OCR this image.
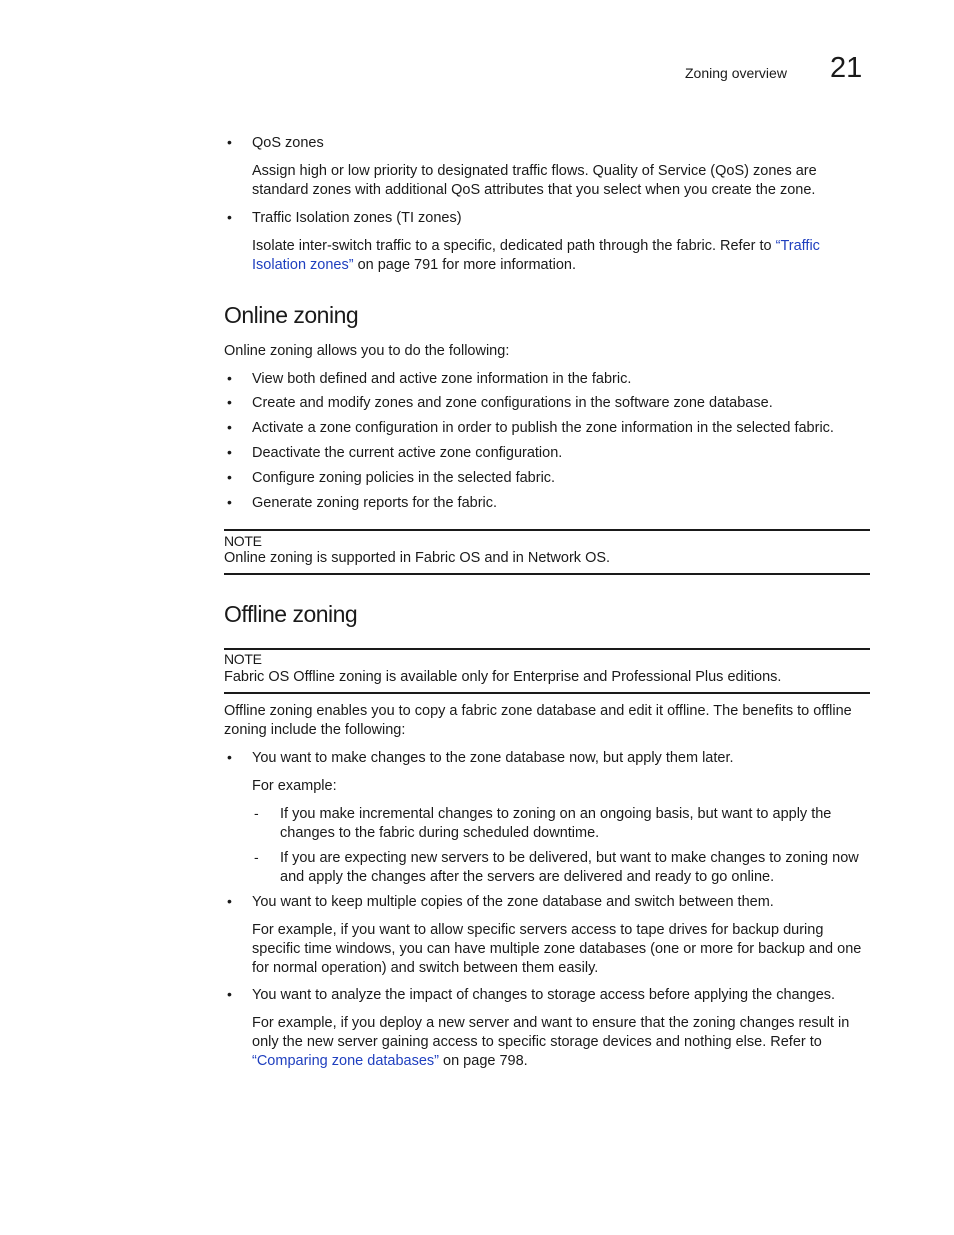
Zoning overview 21
• QoS zones
Assign high or low priority to designated traffic flows. Quality of Service (QoS) zones are standard zones with additional QoS attributes that you select when you create the zone.
• Traffic Isolation zones (TI zones)
Isolate inter-switch traffic to a specific, dedicated path through the fabric. Refer to “Traffic Isolation zones” on page 791 for more information.
Online zoning
Online zoning allows you to do the following:
• View both defined and active zone information in the fabric.
• Create and modify zones and zone configurations in the software zone database.
• Activate a zone configuration in order to publish the zone information in the selected fabric.
• Deactivate the current active zone configuration.
• Configure zoning policies in the selected fabric.
• Generate zoning reports for the fabric.
NOTE
Online zoning is supported in Fabric OS and in Network OS.
Offline zoning
NOTE
Fabric OS Offline zoning is available only for Enterprise and Professional Plus editions.
Offline zoning enables you to copy a fabric zone database and edit it offline. The benefits to offline zoning include the following:
• You want to make changes to the zone database now, but apply them later.
For example:
- If you make incremental changes to zoning on an ongoing basis, but want to apply the changes to the fabric during scheduled downtime.
- If you are expecting new servers to be delivered, but want to make changes to zoning now and apply the changes after the servers are delivered and ready to go online.
• You want to keep multiple copies of the zone database and switch between them.
For example, if you want to allow specific servers access to tape drives for backup during specific time windows, you can have multiple zone databases (one or more for backup and one for normal operation) and switch between them easily.
• You want to analyze the impact of changes to storage access before applying the changes.
For example, if you deploy a new server and want to ensure that the zoning changes result in only the new server gaining access to specific storage devices and nothing else. Refer to “Comparing zone databases” on page 798.
